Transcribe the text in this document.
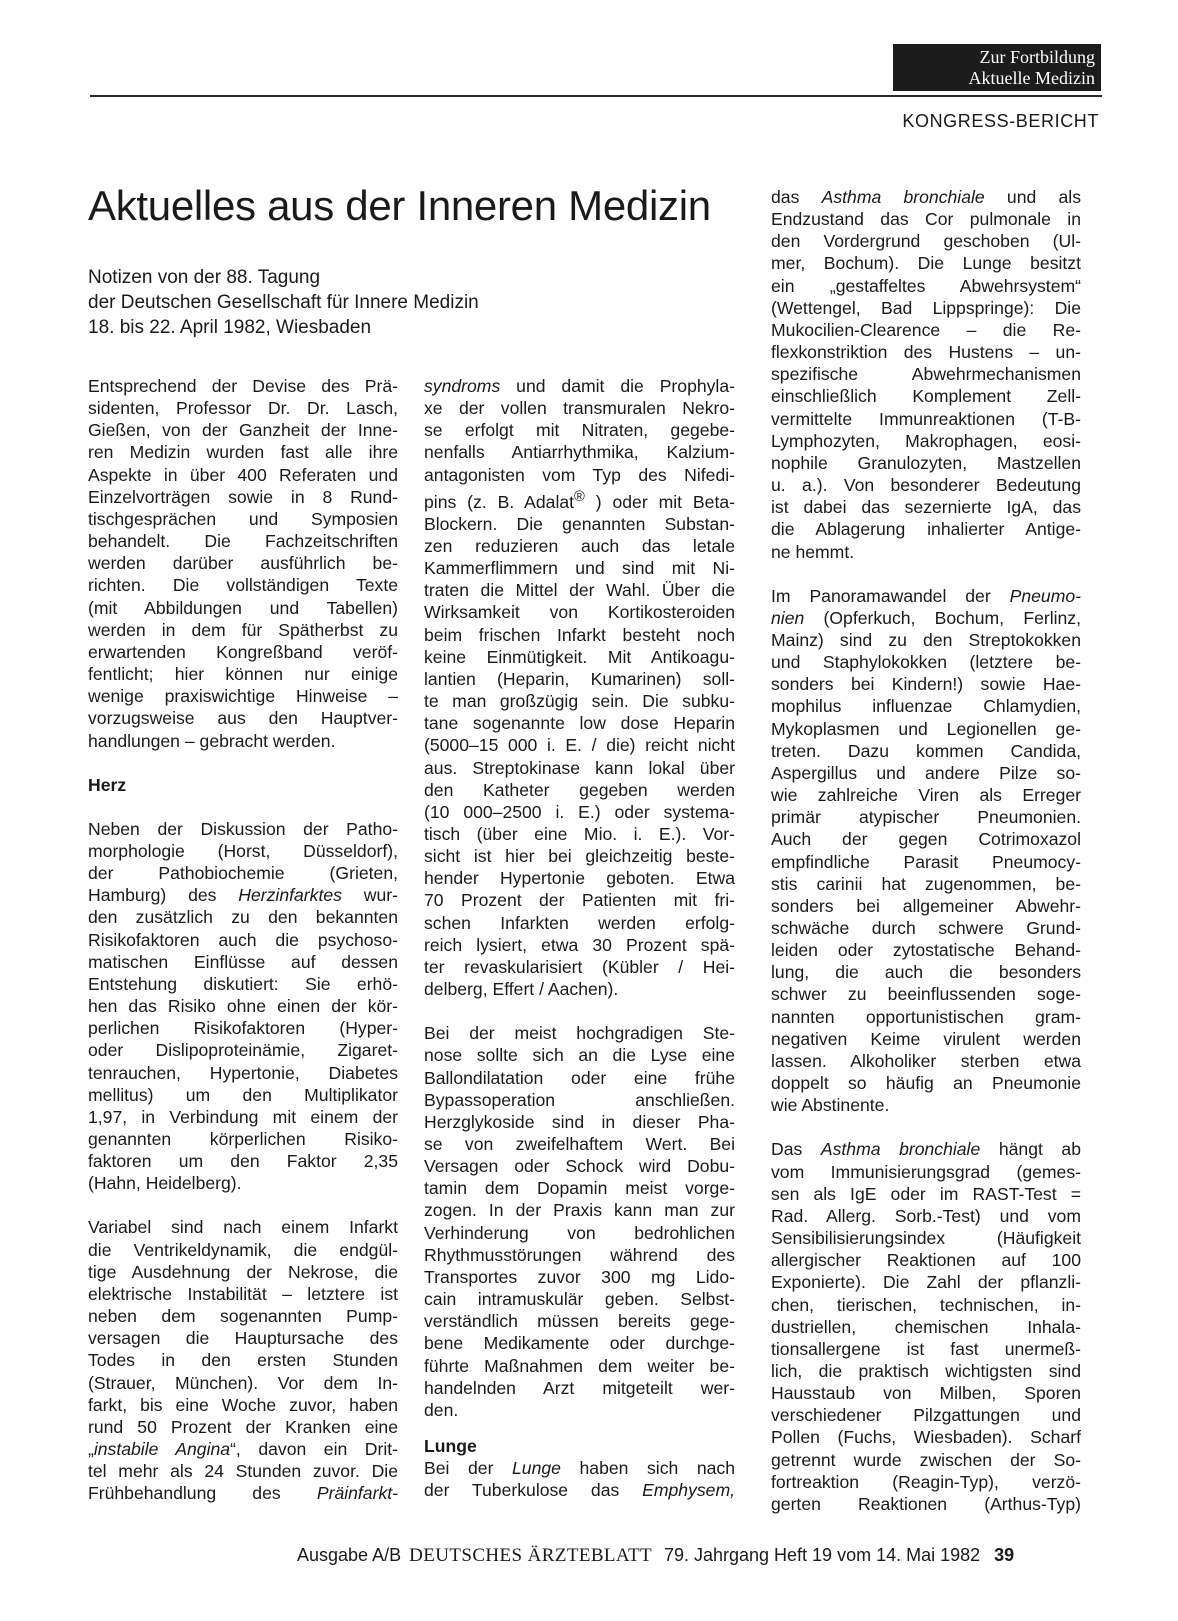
Zur Fortbildung
Aktuelle Medizin
KONGRESS-BERICHT
Aktuelles aus der Inneren Medizin
Notizen von der 88. Tagung
der Deutschen Gesellschaft für Innere Medizin
18. bis 22. April 1982, Wiesbaden
Entsprechend der Devise des Prä-
sidenten, Professor Dr. Dr. Lasch,
Gießen, von der Ganzheit der Inne-
ren Medizin wurden fast alle ihre
Aspekte in über 400 Referaten und
Einzelvorträgen sowie in 8 Rund-
tischgesprächen und Symposien
behandelt. Die Fachzeitschriften
werden darüber ausführlich be-
richten. Die vollständigen Texte
(mit Abbildungen und Tabellen)
werden in dem für Spätherbst zu
erwartenden Kongreßband veröf-
fentlicht; hier können nur einige
wenige praxiswichtige Hinweise –
vorzugsweise aus den Hauptver-
handlungen – gebracht werden.
Herz
Neben der Diskussion der Patho-
morphologie (Horst, Düsseldorf),
der Pathobiochemie (Grieten,
Hamburg) des Herzinfarktes wur-
den zusätzlich zu den bekannten
Risikofaktoren auch die psychoso-
matischen Einflüsse auf dessen
Entstehung diskutiert: Sie erhö-
hen das Risiko ohne einen der kör-
perlichen Risikofaktoren (Hyper-
oder Dislipoproteinämie, Zigaret-
tenrauchen, Hypertonie, Diabetes
mellitus) um den Multiplikator
1,97, in Verbindung mit einem der
genannten körperlichen Risiko-
faktoren um den Faktor 2,35
(Hahn, Heidelberg).
Variabel sind nach einem Infarkt
die Ventrikeldynamik, die endgül-
tige Ausdehnung der Nekrose, die
elektrische Instabilität – letztere ist
neben dem sogenannten Pump-
versagen die Hauptursache des
Todes in den ersten Stunden
(Strauer, München). Vor dem In-
farkt, bis eine Woche zuvor, haben
rund 50 Prozent der Kranken eine
„instabile Angina“, davon ein Drit-
tel mehr als 24 Stunden zuvor. Die
Frühbehandlung des Präinfarkt-
syndroms und damit die Prophyla-
xe der vollen transmuralen Nekro-
se erfolgt mit Nitraten, gegebe-
nenfalls Antiarrhythmika, Kalzium-
antagonisten vom Typ des Nifedi-
pins (z. B. Adalat® ) oder mit Beta-
Blockern. Die genannten Substan-
zen reduzieren auch das letale
Kammerflimmern und sind mit Ni-
traten die Mittel der Wahl. Über die
Wirksamkeit von Kortikosteroiden
beim frischen Infarkt besteht noch
keine Einmütigkeit. Mit Antikoagu-
lantien (Heparin, Kumarinen) soll-
te man großzügig sein. Die subku-
tane sogenannte low dose Heparin
(5000–15 000 i. E. / die) reicht nicht
aus. Streptokinase kann lokal über
den Katheter gegeben werden
(10 000–2500 i. E.) oder systema-
tisch (über eine Mio. i. E.). Vor-
sicht ist hier bei gleichzeitig beste-
hender Hypertonie geboten. Etwa
70 Prozent der Patienten mit fri-
schen Infarkten werden erfolg-
reich lysiert, etwa 30 Prozent spä-
ter revaskularisiert (Kübler / Hei-
delberg, Effert / Aachen).
Bei der meist hochgradigen Ste-
nose sollte sich an die Lyse eine
Ballondilatation oder eine frühe
Bypassoperation anschließen.
Herzglykoside sind in dieser Pha-
se von zweifelhaftem Wert. Bei
Versagen oder Schock wird Dobu-
tamin dem Dopamin meist vorge-
zogen. In der Praxis kann man zur
Verhinderung von bedrohlichen
Rhythmusstörungen während des
Transportes zuvor 300 mg Lido-
cain intramuskulär geben. Selbst-
verständlich müssen bereits gege-
bene Medikamente oder durchge-
führte Maßnahmen dem weiter be-
handelnden Arzt mitgeteilt wer-
den.
Lunge
Bei der Lunge haben sich nach
der Tuberkulose das Emphysem,
das Asthma bronchiale und als
Endzustand das Cor pulmonale in
den Vordergrund geschoben (Ul-
mer, Bochum). Die Lunge besitzt
ein „gestaffeltes Abwehrsystem“
(Wettengel, Bad Lippspringe): Die
Mukocilien-Clearence – die Re-
flexkonstriktion des Hustens – un-
spezifische Abwehrmechanismen
einschließlich Komplement Zell-
vermittelte Immunreaktionen (T-B-
Lymphozyten, Makrophagen, eosi-
nophile Granulozyten, Mastzellen
u. a.). Von besonderer Bedeutung
ist dabei das sezernierte IgA, das
die Ablagerung inhalierter Antige-
ne hemmt.
Im Panoramawandel der Pneumo-
nien (Opferkuch, Bochum, Ferlinz,
Mainz) sind zu den Streptokokken
und Staphylokokken (letztere be-
sonders bei Kindern!) sowie Hae-
mophilus influenzae Chlamydien,
Mykoplasmen und Legionellen ge-
treten. Dazu kommen Candida,
Aspergillus und andere Pilze so-
wie zahlreiche Viren als Erreger
primär atypischer Pneumonien.
Auch der gegen Cotrimoxazol
empfindliche Parasit Pneumocy-
stis carinii hat zugenommen, be-
sonders bei allgemeiner Abwehr-
schwäche durch schwere Grund-
leiden oder zytostatische Behand-
lung, die auch die besonders
schwer zu beeinflussenden soge-
nannten opportunistischen gram-
negativen Keime virulent werden
lassen. Alkoholiker sterben etwa
doppelt so häufig an Pneumonie
wie Abstinente.
Das Asthma bronchiale hängt ab
vom Immunisierungsgrad (gemes-
sen als IgE oder im RAST-Test =
Rad. Allerg. Sorb.-Test) und vom
Sensibilisierungsindex (Häufigkeit
allergischer Reaktionen auf 100
Exponierte). Die Zahl der pflanzli-
chen, tierischen, technischen, in-
dustriellen, chemischen Inhala-
tionsallergene ist fast unermeß-
lich, die praktisch wichtigsten sind
Hausstaub von Milben, Sporen
verschiedener Pilzgattungen und
Pollen (Fuchs, Wiesbaden). Scharf
getrennt wurde zwischen der So-
fortreaktion (Reagin-Typ), verzö-
gerten Reaktionen (Arthus-Typ)
Ausgabe A/B DEUTSCHES ÄRZTEBLATT 79. Jahrgang Heft 19 vom 14. Mai 1982 39
